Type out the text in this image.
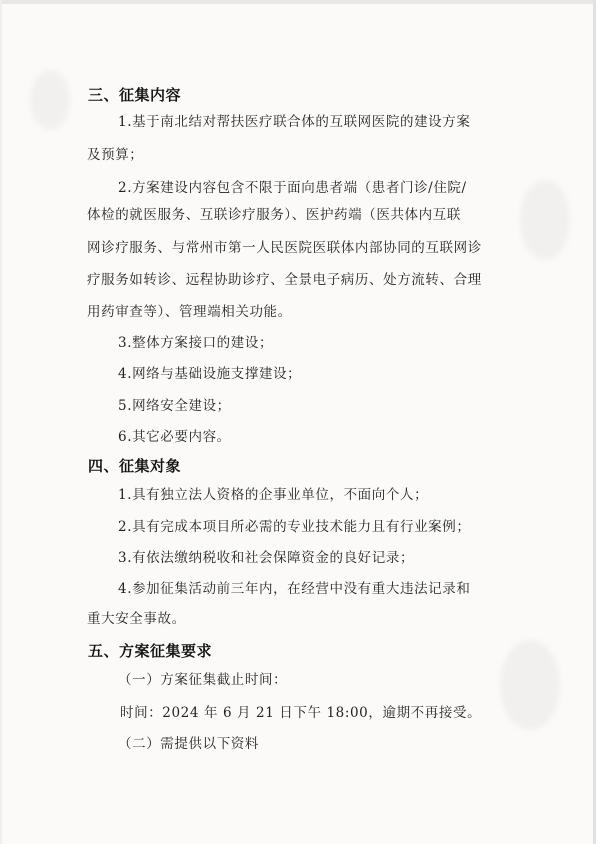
三、征集内容
1.基于南北结对帮扶医疗联合体的互联网医院的建设方案
及预算；
2.方案建设内容包含不限于面向患者端（患者门诊/住院/
体检的就医服务、互联诊疗服务）、医护药端（医共体内互联
网诊疗服务、与常州市第一人民医院医联体内部协同的互联网诊
疗服务如转诊、远程协助诊疗、全景电子病历、处方流转、合理
用药审查等）、管理端相关功能。
3.整体方案接口的建设；
4.网络与基础设施支撑建设；
5.网络安全建设；
6.其它必要内容。
四、征集对象
1.具有独立法人资格的企事业单位，不面向个人；
2.具有完成本项目所必需的专业技术能力且有行业案例；
3.有依法缴纳税收和社会保障资金的良好记录；
4.参加征集活动前三年内，在经营中没有重大违法记录和
重大安全事故。
五、方案征集要求
（一）方案征集截止时间：
时间：2024 年 6 月 21 日下午 18:00，逾期不再接受。
（二）需提供以下资料
